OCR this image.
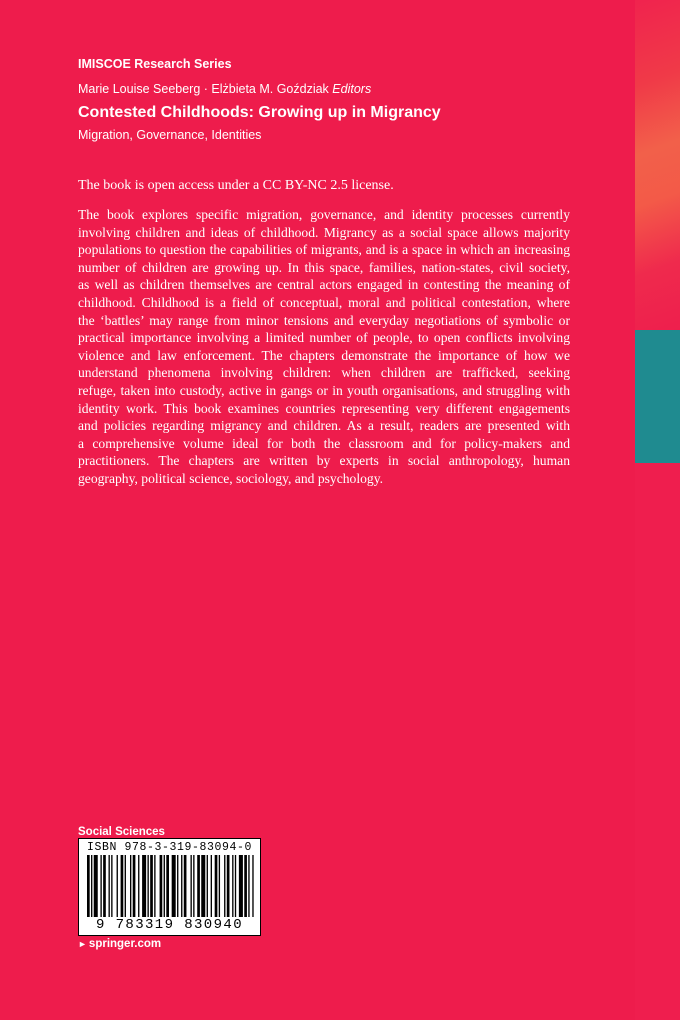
IMISCOE Research Series
Marie Louise Seeberg · Elżbieta M. Goździak Editors
Contested Childhoods: Growing up in Migrancy
Migration, Governance, Identities
The book is open access under a CC BY-NC 2.5 license.
The book explores specific migration, governance, and identity processes currently
involving children and ideas of childhood. Migrancy as a social space allows majority
populations to question the capabilities of migrants, and is a space in which an increasing
number of children are growing up. In this space, families, nation-states, civil society,
as well as children themselves are central actors engaged in contesting the meaning of
childhood. Childhood is a field of conceptual, moral and political contestation, where
the ‘battles’ may range from minor tensions and everyday negotiations of symbolic or
practical importance involving a limited number of people, to open conflicts involving
violence and law enforcement. The chapters demonstrate the importance of how we
understand phenomena involving children: when children are trafficked, seeking
refuge, taken into custody, active in gangs or in youth organisations, and struggling with
identity work. This book examines countries representing very different engagements
and policies regarding migrancy and children. As a result, readers are presented with
a comprehensive volume ideal for both the classroom and for policy-makers and
practitioners. The chapters are written by experts in social anthropology, human
geography, political science, sociology, and psychology.
Social Sciences
ISBN 978-3-319-83094-0
9 783319 830940
► springer.com
